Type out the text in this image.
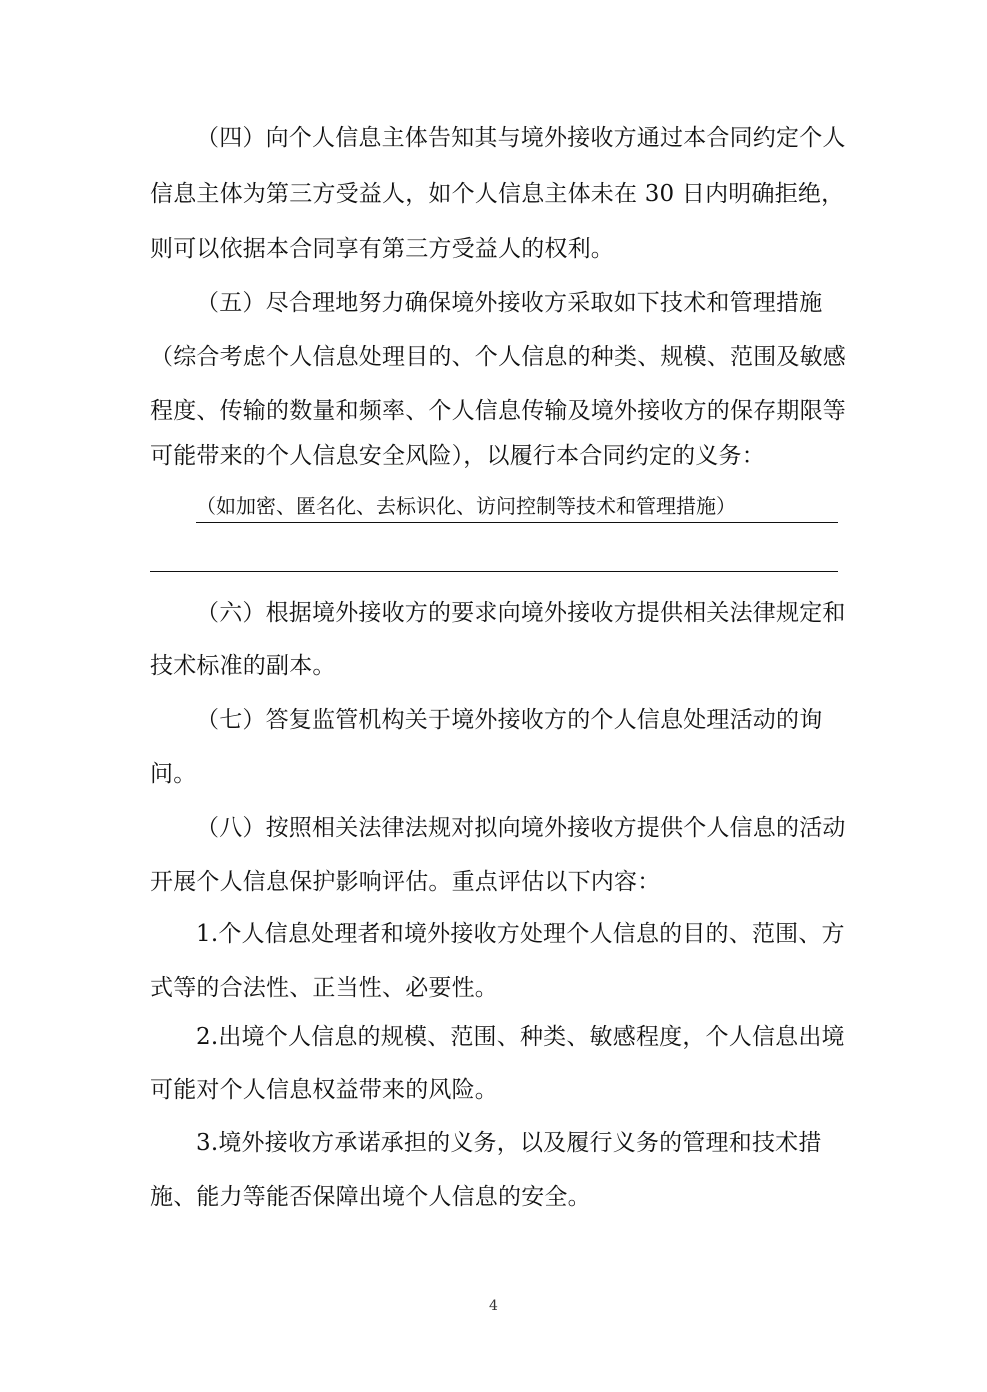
（四）向个人信息主体告知其与境外接收方通过本合同约定个人
信息主体为第三方受益人，如个人信息主体未在 30 日内明确拒绝，
则可以依据本合同享有第三方受益人的权利。
（五）尽合理地努力确保境外接收方采取如下技术和管理措施
（综合考虑个人信息处理目的、个人信息的种类、规模、范围及敏感
程度、传输的数量和频率、个人信息传输及境外接收方的保存期限等
可能带来的个人信息安全风险），以履行本合同约定的义务：
（如加密、匿名化、去标识化、访问控制等技术和管理措施）
（六）根据境外接收方的要求向境外接收方提供相关法律规定和
技术标准的副本。
（七）答复监管机构关于境外接收方的个人信息处理活动的询
问。
（八）按照相关法律法规对拟向境外接收方提供个人信息的活动
开展个人信息保护影响评估。重点评估以下内容：
1.个人信息处理者和境外接收方处理个人信息的目的、范围、方
式等的合法性、正当性、必要性。
2.出境个人信息的规模、范围、种类、敏感程度，个人信息出境
可能对个人信息权益带来的风险。
3.境外接收方承诺承担的义务，以及履行义务的管理和技术措
施、能力等能否保障出境个人信息的安全。
4
